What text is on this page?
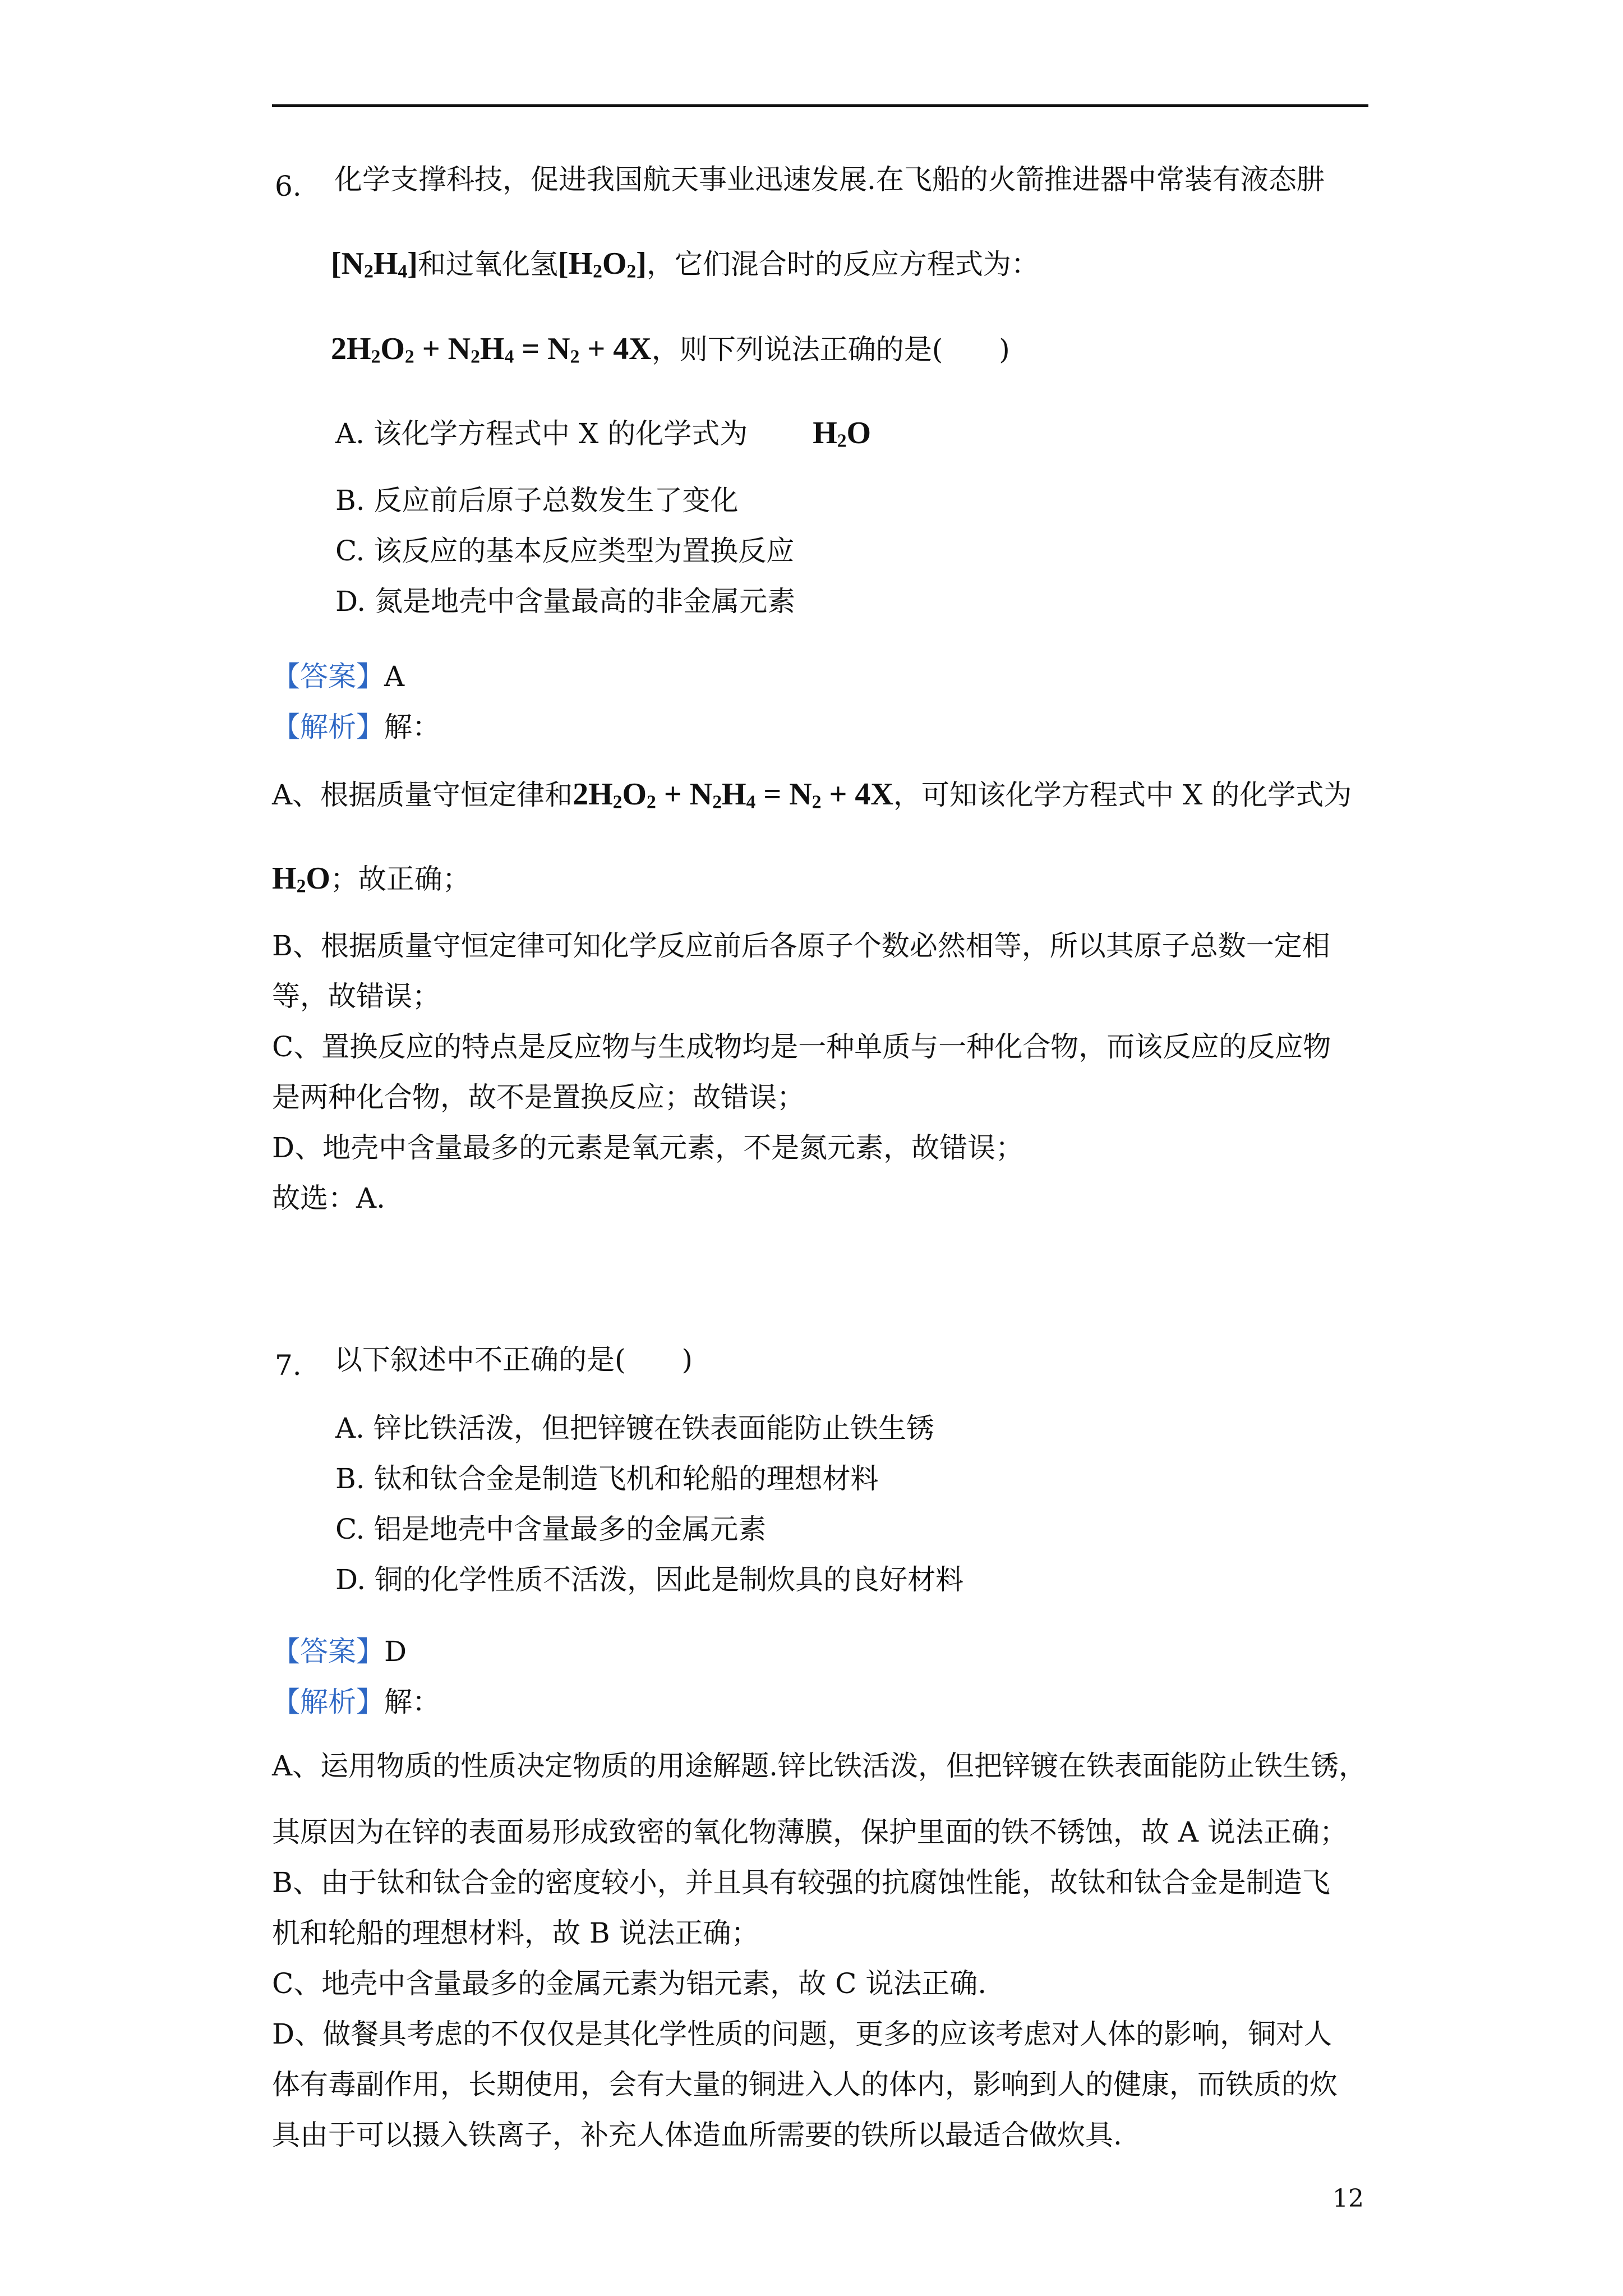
6. 化学支撑科技，促进我国航天事业迅速发展.在飞船的火箭推进器中常装有液态肼
$[N_2H_4]$和过氧化氢$[H_2O_2]$，它们混合时的反应方程式为：
$2H_2O_2 + N_2H_4 = N_2 + 4X$，则下列说法正确的是(　　)
A. 该化学方程式中 X 的化学式为 $H_2O$
B. 反应前后原子总数发生了变化
C. 该反应的基本反应类型为置换反应
D. 氮是地壳中含量最高的非金属元素
【答案】A
【解析】解：
A、根据质量守恒定律和$2H_2O_2 + N_2H_4 = N_2 + 4X$，可知该化学方程式中 X 的化学式为
$H_2O$；故正确；
B、根据质量守恒定律可知化学反应前后各原子个数必然相等，所以其原子总数一定相
等，故错误；
C、置换反应的特点是反应物与生成物均是一种单质与一种化合物，而该反应的反应物
是两种化合物，故不是置换反应；故错误；
D、地壳中含量最多的元素是氧元素，不是氮元素，故错误；
故选：A.
7. 以下叙述中不正确的是(　　)
A. 锌比铁活泼，但把锌镀在铁表面能防止铁生锈
B. 钛和钛合金是制造飞机和轮船的理想材料
C. 铝是地壳中含量最多的金属元素
D. 铜的化学性质不活泼，因此是制炊具的良好材料
【答案】D
【解析】解：
A、运用物质的性质决定物质的用途解题.锌比铁活泼，但把锌镀在铁表面能防止铁生锈，
其原因为在锌的表面易形成致密的氧化物薄膜，保护里面的铁不锈蚀，故 A 说法正确；
B、由于钛和钛合金的密度较小，并且具有较强的抗腐蚀性能，故钛和钛合金是制造飞
机和轮船的理想材料，故 B 说法正确；
C、地壳中含量最多的金属元素为铝元素，故 C 说法正确.
D、做餐具考虑的不仅仅是其化学性质的问题，更多的应该考虑对人体的影响，铜对人
体有毒副作用，长期使用，会有大量的铜进入人的体内，影响到人的健康，而铁质的炊
具由于可以摄入铁离子，补充人体造血所需要的铁所以最适合做炊具.
12
